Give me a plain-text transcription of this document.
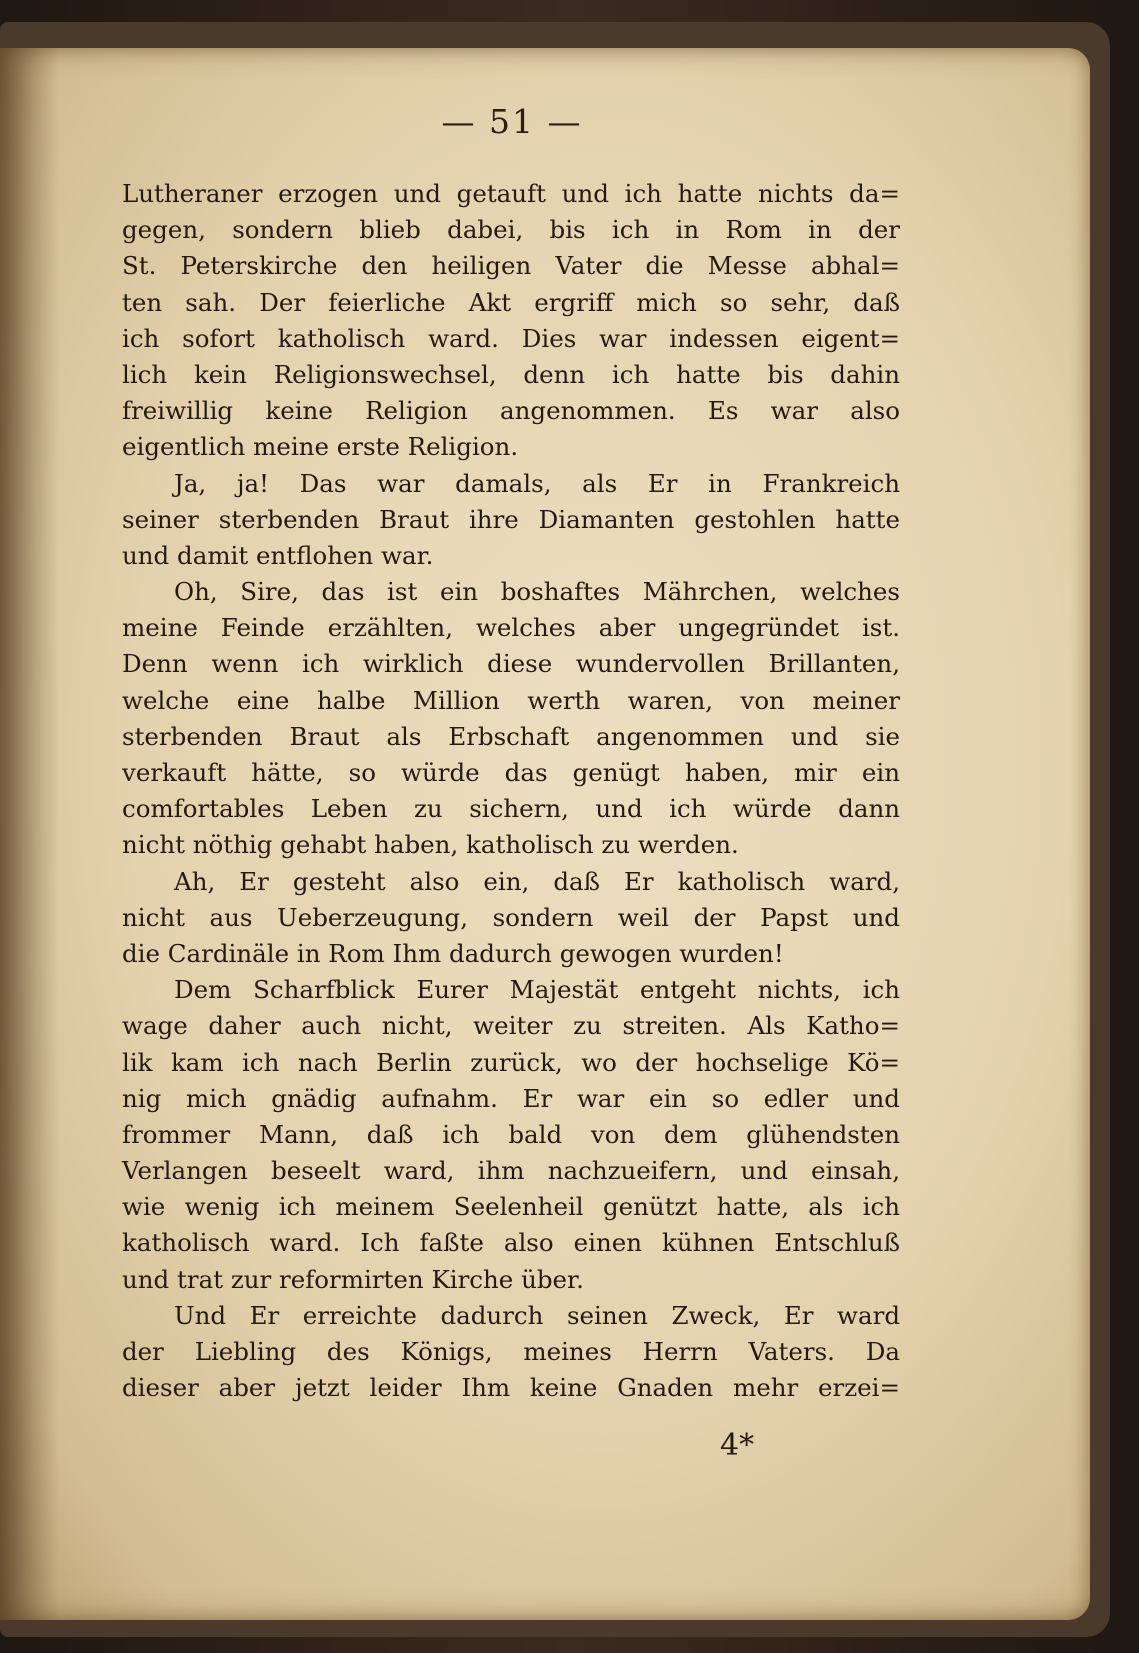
— 51 —
Lutheraner erzogen und getauft und ich hatte nichts da=
gegen, sondern blieb dabei, bis ich in Rom in der
St. Peterskirche den heiligen Vater die Messe abhal=
ten sah. Der feierliche Akt ergriff mich so sehr, daß
ich sofort katholisch ward. Dies war indessen eigent=
lich kein Religionswechsel, denn ich hatte bis dahin
freiwillig keine Religion angenommen. Es war also
eigentlich meine erste Religion.
Ja, ja! Das war damals, als Er in Frankreich
seiner sterbenden Braut ihre Diamanten gestohlen hatte
und damit entflohen war.
Oh, Sire, das ist ein boshaftes Mährchen, welches
meine Feinde erzählten, welches aber ungegründet ist.
Denn wenn ich wirklich diese wundervollen Brillanten,
welche eine halbe Million werth waren, von meiner
sterbenden Braut als Erbschaft angenommen und sie
verkauft hätte, so würde das genügt haben, mir ein
comfortables Leben zu sichern, und ich würde dann
nicht nöthig gehabt haben, katholisch zu werden.
Ah, Er gesteht also ein, daß Er katholisch ward,
nicht aus Ueberzeugung, sondern weil der Papst und
die Cardinäle in Rom Ihm dadurch gewogen wurden!
Dem Scharfblick Eurer Majestät entgeht nichts, ich
wage daher auch nicht, weiter zu streiten. Als Katho=
lik kam ich nach Berlin zurück, wo der hochselige Kö=
nig mich gnädig aufnahm. Er war ein so edler und
frommer Mann, daß ich bald von dem glühendsten
Verlangen beseelt ward, ihm nachzueifern, und einsah,
wie wenig ich meinem Seelenheil genützt hatte, als ich
katholisch ward. Ich faßte also einen kühnen Entschluß
und trat zur reformirten Kirche über.
Und Er erreichte dadurch seinen Zweck, Er ward
der Liebling des Königs, meines Herrn Vaters. Da
dieser aber jetzt leider Ihm keine Gnaden mehr erzei=
4*
